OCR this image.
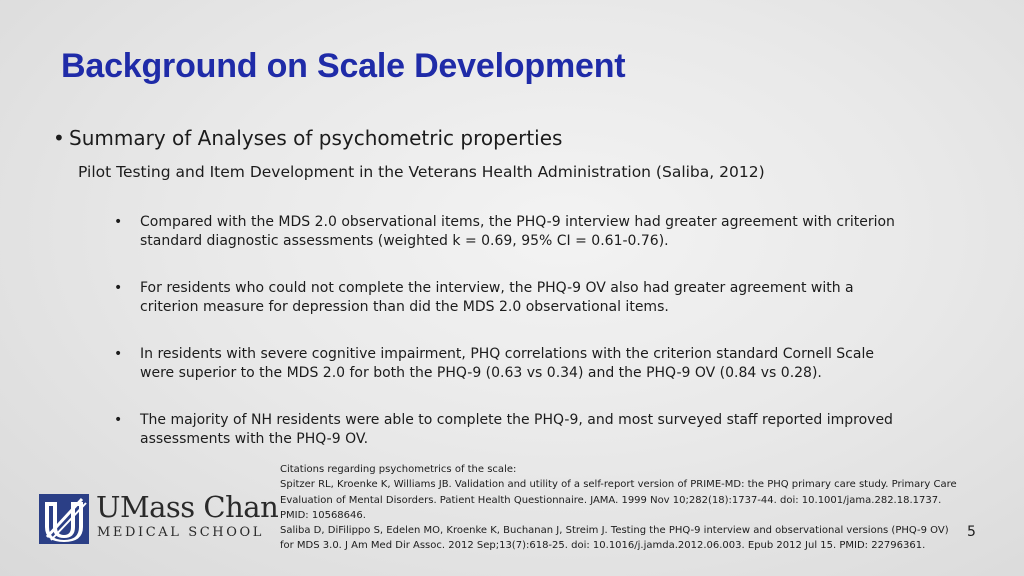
Background on Scale Development
• Summary of Analyses of psychometric properties
Pilot Testing and Item Development in the Veterans Health Administration (Saliba, 2012)
•	Compared with the MDS 2.0 observational items, the PHQ-9 interview had greater agreement with criterion standard diagnostic assessments (weighted k = 0.69, 95% CI = 0.61-0.76).
•	For residents who could not complete the interview, the PHQ-9 OV also had greater agreement with a criterion measure for depression than did the MDS 2.0 observational items.
•	In residents with severe cognitive impairment, PHQ correlations with the criterion standard Cornell Scale were superior to the MDS 2.0 for both the PHQ-9 (0.63 vs 0.34) and the PHQ-9 OV (0.84 vs 0.28).
•	The majority of NH residents were able to complete the PHQ-9, and most surveyed staff reported improved assessments with the PHQ-9 OV.
UMass Chan
MEDICAL SCHOOL
Citations regarding psychometrics of the scale:
Spitzer RL, Kroenke K, Williams JB. Validation and utility of a self-report version of PRIME-MD: the PHQ primary care study. Primary Care Evaluation of Mental Disorders. Patient Health Questionnaire. JAMA. 1999 Nov 10;282(18):1737-44. doi: 10.1001/jama.282.18.1737. PMID: 10568646.
Saliba D, DiFilippo S, Edelen MO, Kroenke K, Buchanan J, Streim J. Testing the PHQ-9 interview and observational versions (PHQ-9 OV) for MDS 3.0. J Am Med Dir Assoc. 2012 Sep;13(7):618-25. doi: 10.1016/j.jamda.2012.06.003. Epub 2012 Jul 15. PMID: 22796361.
5
